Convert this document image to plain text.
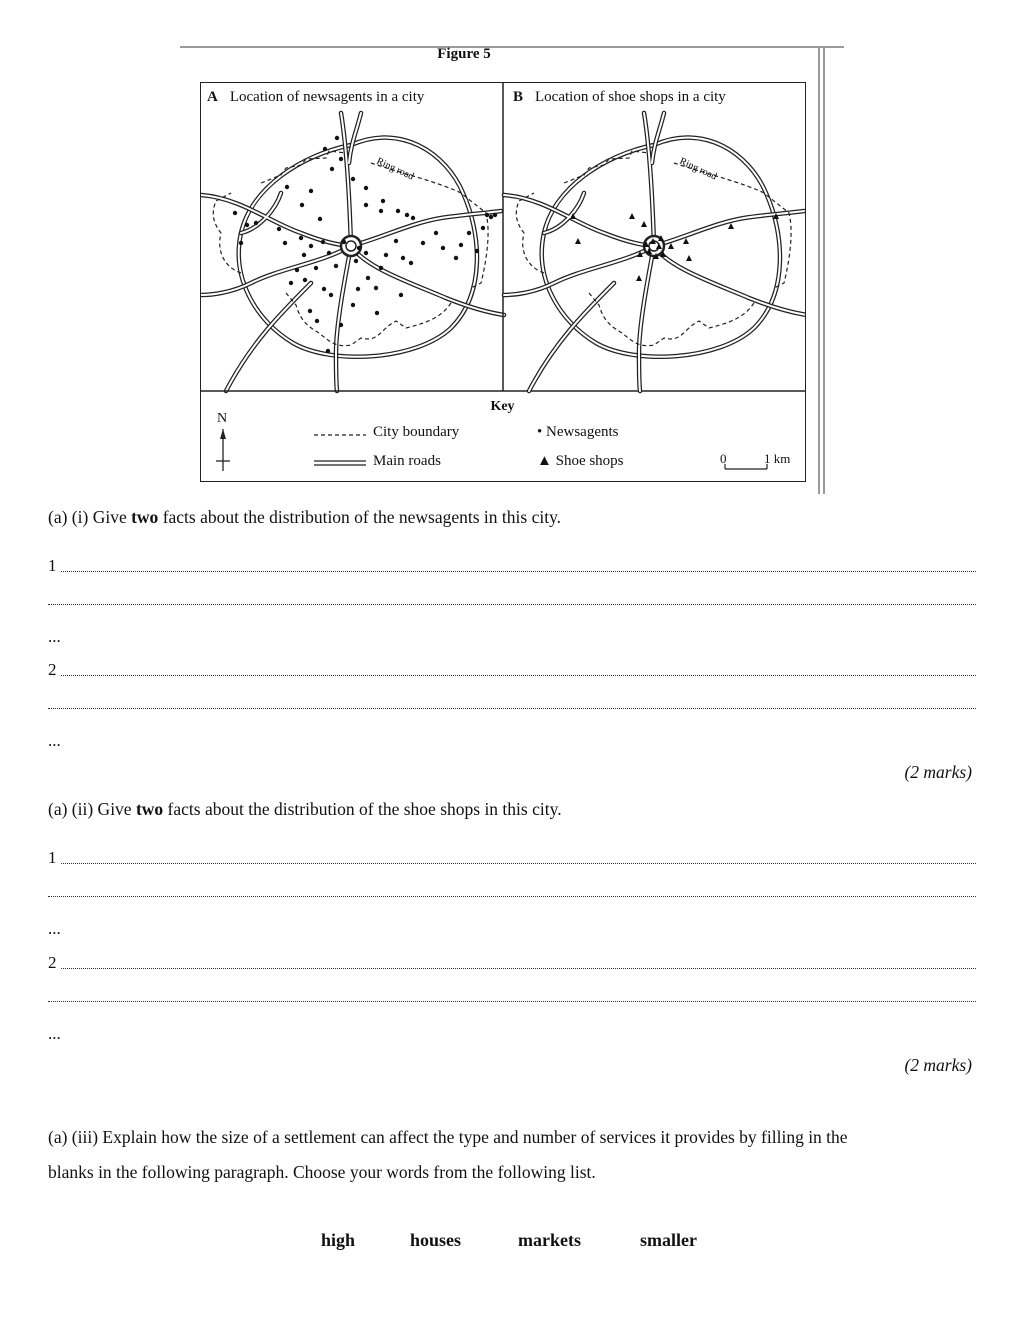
Figure 5
Ring road	Ring road
A Location of newsagents in a city	B Location of shoe shops in a city
Key
N
City boundary
Main roads
• Newsagents
▲ Shoe shops	0	1 km
(a) (i) Give two facts about the distribution of the newsagents in this city.
1
...
2
...
(2 marks)
(a) (ii) Give two facts about the distribution of the shoe shops in this city.
1
...
2
...
(2 marks)
(a) (iii) Explain how the size of a settlement can affect the type and number of services it provides by filling in the
blanks in the following paragraph. Choose your words from the following list.
high	houses	markets	smaller
